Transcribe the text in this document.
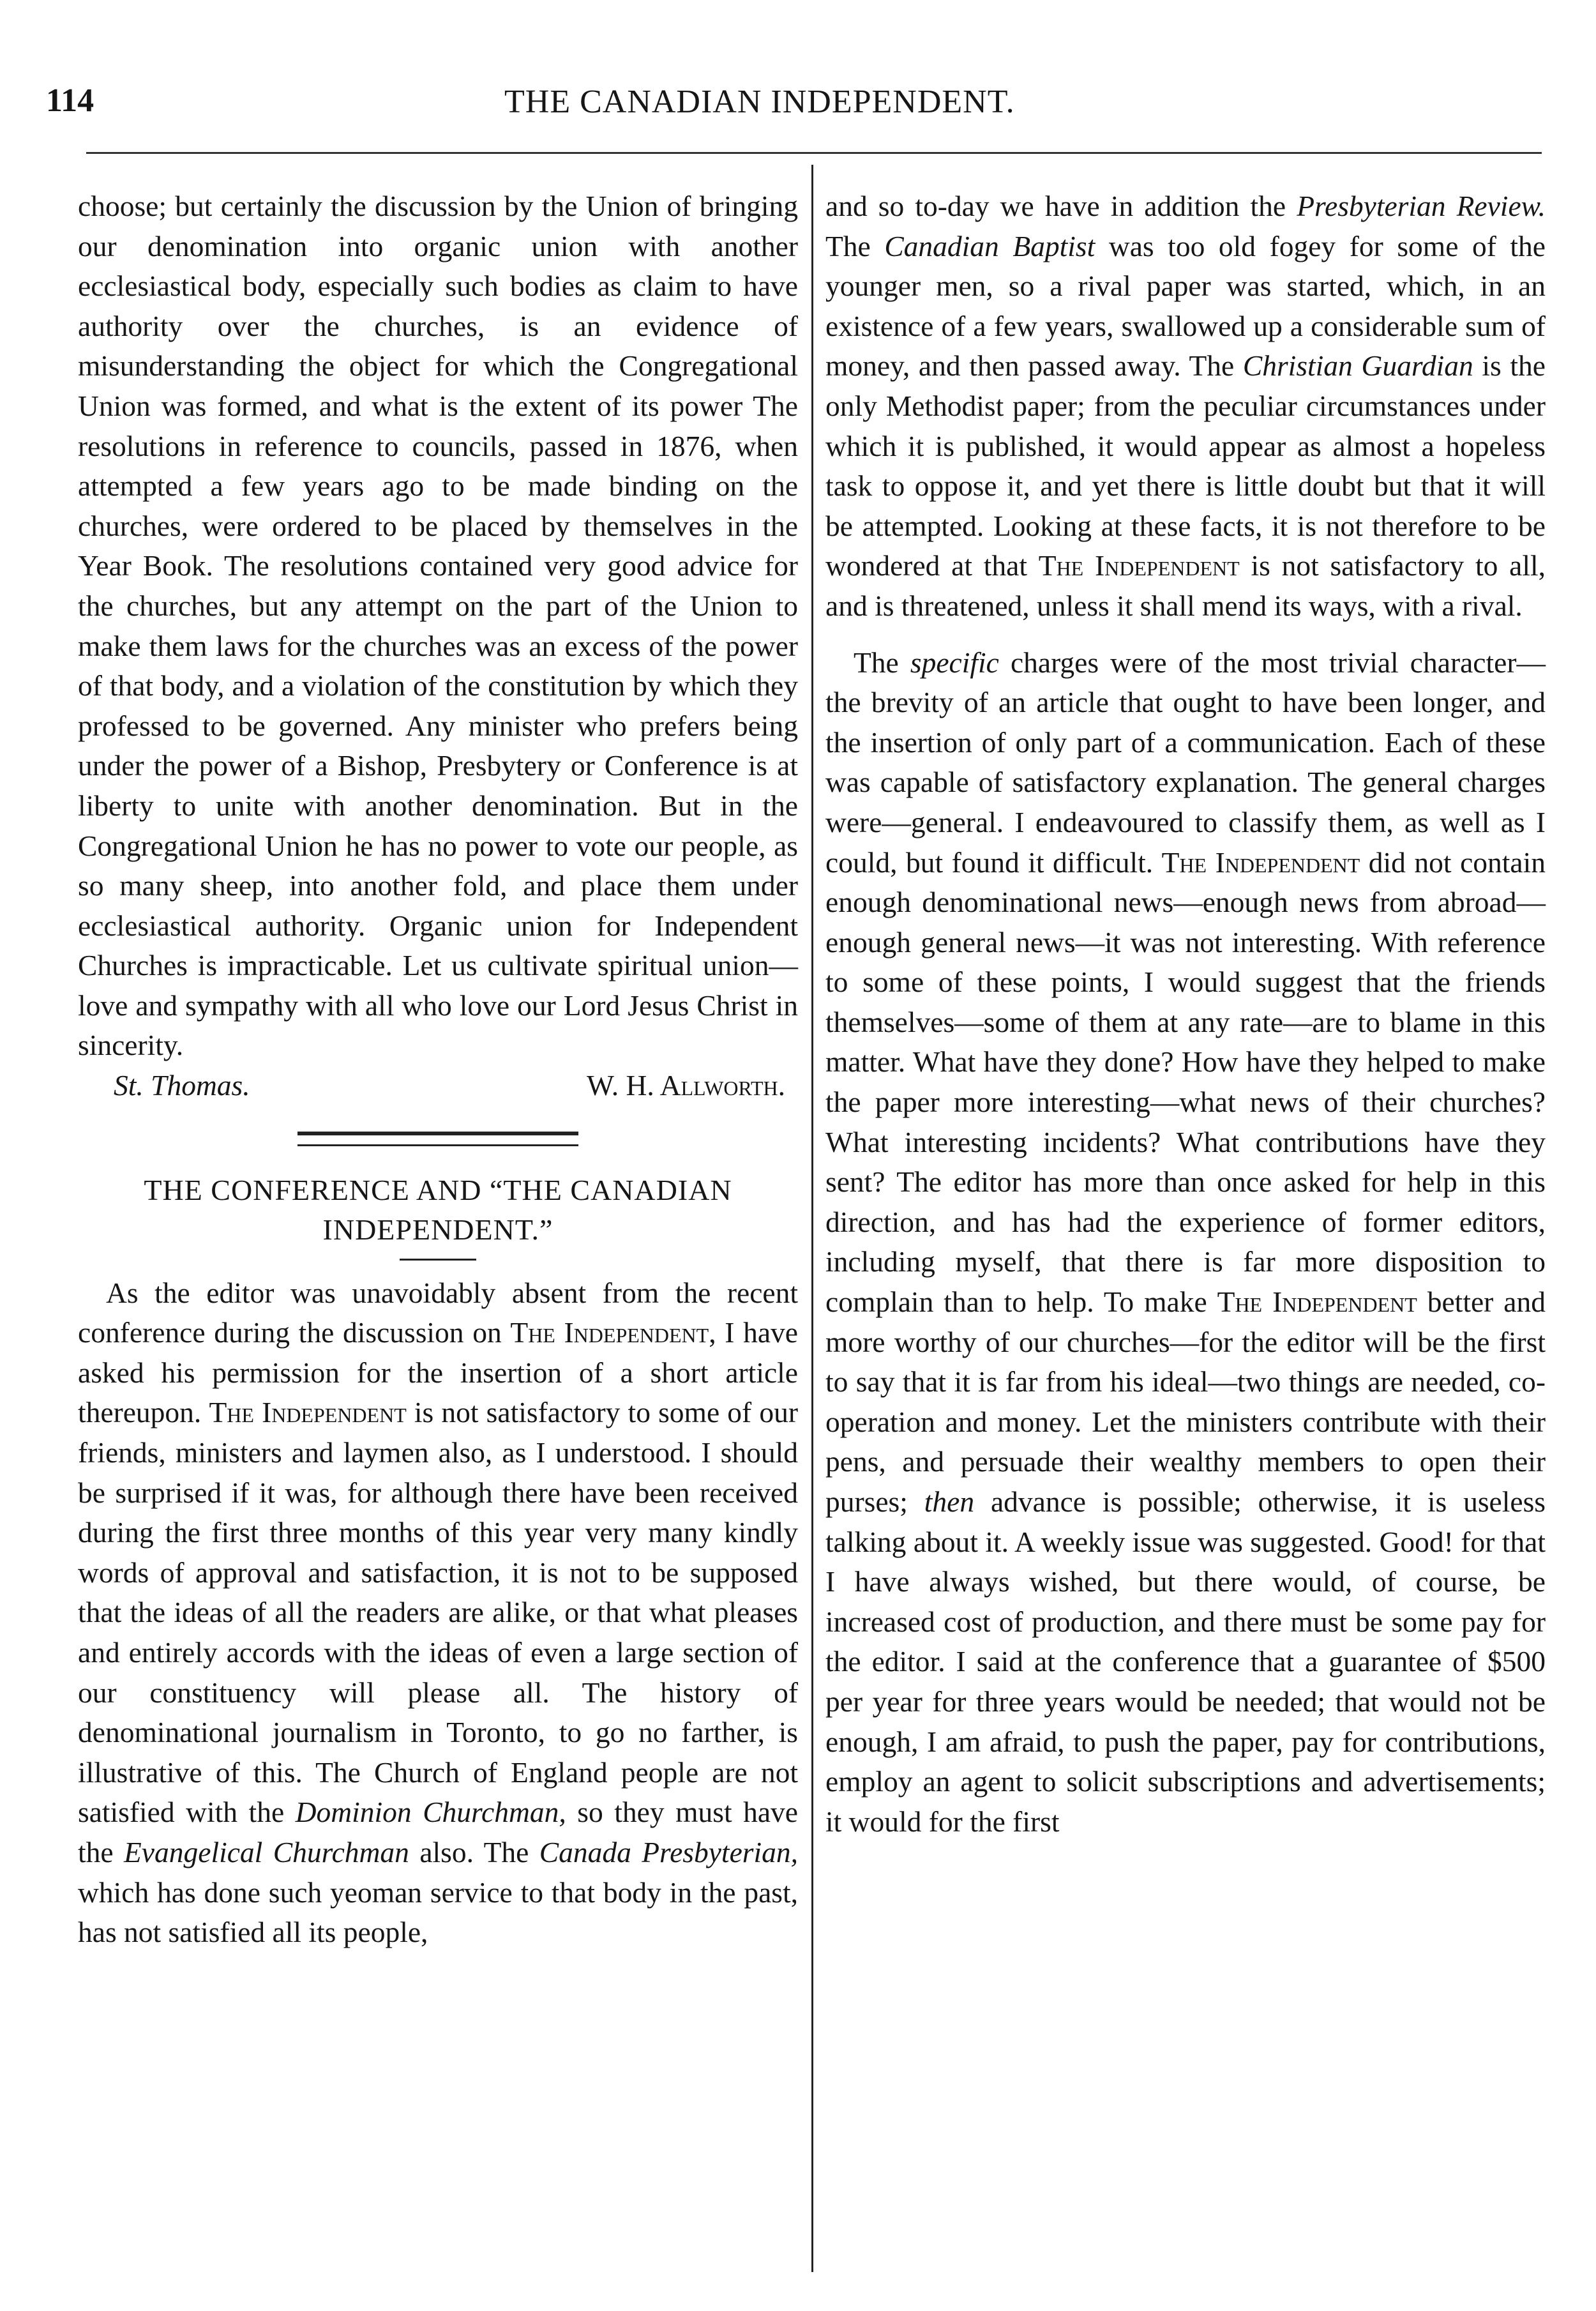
114	THE CANADIAN INDEPENDENT.

choose; but certainly the discussion by the Union of bringing our denomination into organic union with another ecclesiastical body, especially such bodies as claim to have authority over the churches, is an evidence of misunderstanding the object for which the Congregational Union was formed, and what is the extent of its power The resolutions in reference to councils, passed in 1876, when attempted a few years ago to be made binding on the churches, were ordered to be placed by themselves in the Year Book. The resolutions contained very good advice for the churches, but any attempt on the part of the Union to make them laws for the churches was an excess of the power of that body, and a violation of the constitution by which they professed to be governed. Any minister who prefers being under the power of a Bishop, Presbytery or Conference is at liberty to unite with another denomination. But in the Congregational Union he has no power to vote our people, as so many sheep, into another fold, and place them under ecclesiastical authority. Organic union for Independent Churches is impracticable. Let us cultivate spiritual union—love and sympathy with all who love our Lord Jesus Christ in sincerity.

St. Thomas.	W. H. Allworth.

THE CONFERENCE AND “THE CANADIAN INDEPENDENT.”

As the editor was unavoidably absent from the recent conference during the discussion on The Independent, I have asked his permission for the insertion of a short article thereupon. The Independent is not satisfactory to some of our friends, ministers and laymen also, as I understood. I should be surprised if it was, for although there have been received during the first three months of this year very many kindly words of approval and satisfaction, it is not to be supposed that the ideas of all the readers are alike, or that what pleases and entirely accords with the ideas of even a large section of our constituency will please all. The history of denominational journalism in Toronto, to go no farther, is illustrative of this. The Church of England people are not satisfied with the Dominion Churchman, so they must have the Evangelical Churchman also. The Canada Presbyterian, which has done such yeoman service to that body in the past, has not satisfied all its people,

and so to-day we have in addition the Presbyterian Review. The Canadian Baptist was too old fogey for some of the younger men, so a rival paper was started, which, in an existence of a few years, swallowed up a considerable sum of money, and then passed away. The Christian Guardian is the only Methodist paper; from the peculiar circumstances under which it is published, it would appear as almost a hopeless task to oppose it, and yet there is little doubt but that it will be attempted. Looking at these facts, it is not therefore to be wondered at that The Independent is not satisfactory to all, and is threatened, unless it shall mend its ways, with a rival.

The specific charges were of the most trivial character—the brevity of an article that ought to have been longer, and the insertion of only part of a communication. Each of these was capable of satisfactory explanation. The general charges were—general. I endeavoured to classify them, as well as I could, but found it difficult. The Independent did not contain enough denominational news—enough news from abroad—enough general news—it was not interesting. With reference to some of these points, I would suggest that the friends themselves—some of them at any rate—are to blame in this matter. What have they done? How have they helped to make the paper more interesting—what news of their churches? What interesting incidents? What contributions have they sent? The editor has more than once asked for help in this direction, and has had the experience of former editors, including myself, that there is far more disposition to complain than to help. To make The Independent better and more worthy of our churches—for the editor will be the first to say that it is far from his ideal—two things are needed, co-operation and money. Let the ministers contribute with their pens, and persuade their wealthy members to open their purses; then advance is possible; otherwise, it is useless talking about it. A weekly issue was suggested. Good! for that I have always wished, but there would, of course, be increased cost of production, and there must be some pay for the editor. I said at the conference that a guarantee of $500 per year for three years would be needed; that would not be enough, I am afraid, to push the paper, pay for contributions, employ an agent to solicit subscriptions and advertisements; it would for the first
